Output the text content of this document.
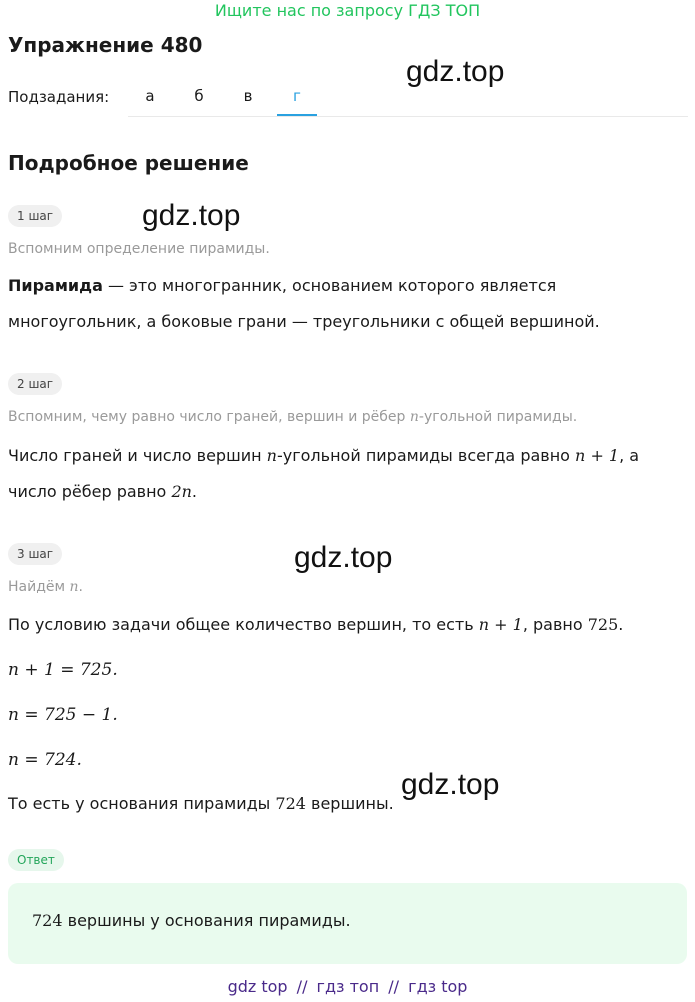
Ищите нас по запросу ГДЗ ТОП
Упражнение 480
gdz.top
Подзадания:	а	б	в	г
Подробное решение
1 шаг	gdz.top
Вспомним определение пирамиды.
Пирамида — это многогранник, основанием которого является
многоугольник, а боковые грани — треугольники с общей вершиной.
2 шаг
Вспомним, чему равно число граней, вершин и рёбер n-угольной пирамиды.
Число граней и число вершин n-угольной пирамиды всегда равно n + 1, а
число рёбер равно 2n.
3 шаг	gdz.top
Найдём n.
По условию задачи общее количество вершин, то есть n + 1, равно 725.
n + 1 = 725.
n = 725 − 1.
n = 724.
gdz.top
То есть у основания пирамиды 724 вершины.
Ответ
724 вершины у основания пирамиды.
gdz top // гдз топ // гдз top
